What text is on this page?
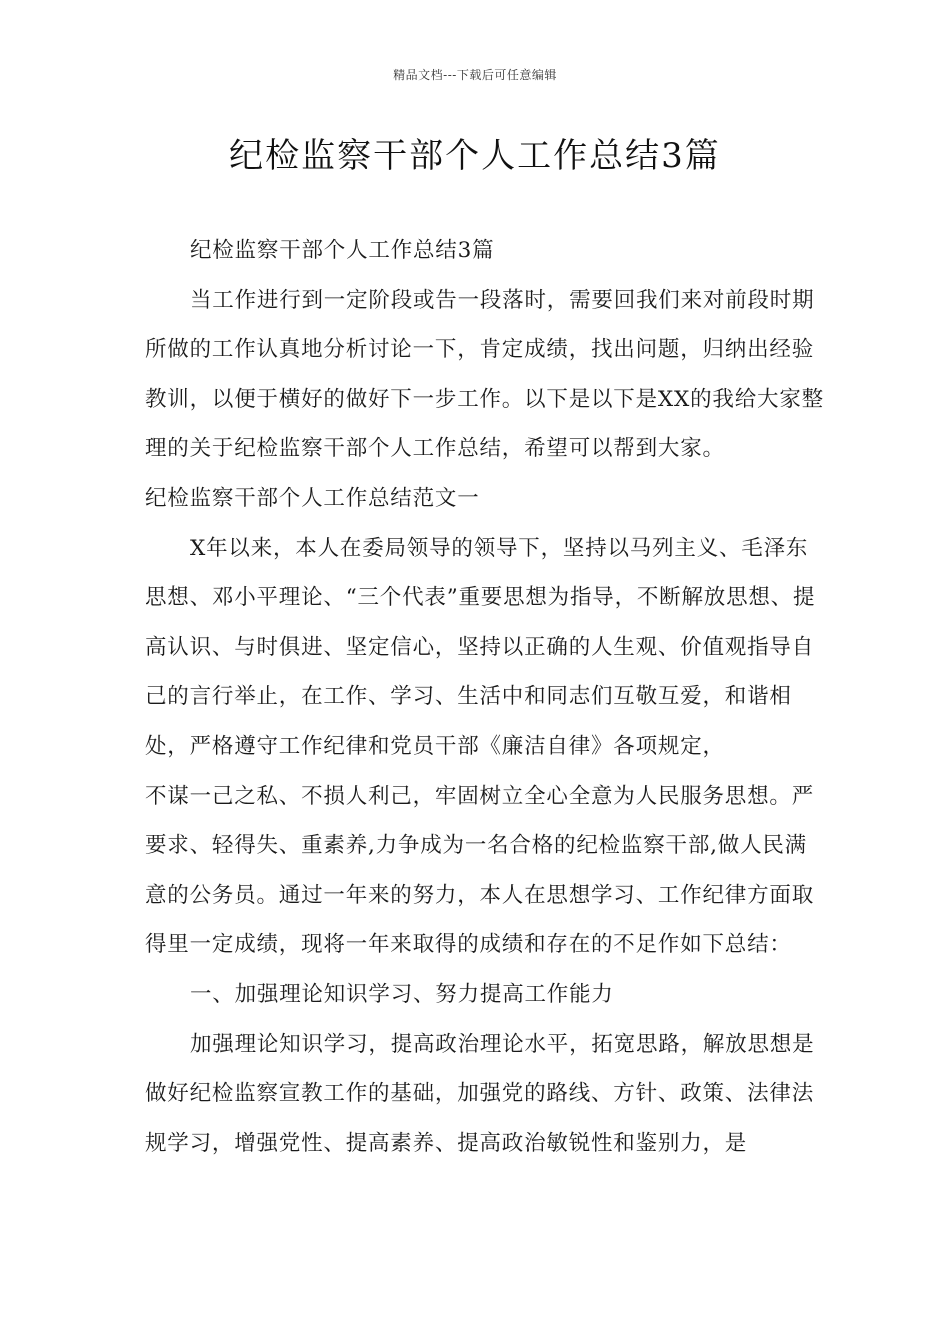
精品文档---下载后可任意编辑
纪检监察干部个人工作总结3篇

纪检监察干部个人工作总结3篇

当工作进行到一定阶段或告一段落时，需要回我们来对前段时期所做的工作认真地分析讨论一下，肯定成绩，找出问题，归纳出经验教训，以便于横好的做好下一步工作。以下是以下是XX的我给大家整理的关于纪检监察干部个人工作总结，希望可以帮到大家。

纪检监察干部个人工作总结范文一

X年以来，本人在委局领导的领导下，坚持以马列主义、毛泽东思想、邓小平理论、“三个代表”重要思想为指导，不断解放思想、提高认识、与时俱进、坚定信心，坚持以正确的人生观、价值观指导自己的言行举止，在工作、学习、生活中和同志们互敬互爱，和谐相处，严格遵守工作纪律和党员干部《廉洁自律》各项规定，

不谋一己之私、不损人利己，牢固树立全心全意为人民服务思想。严要求、轻得失、重素养,力争成为一名合格的纪检监察干部,做人民满意的公务员。通过一年来的努力，本人在思想学习、工作纪律方面取得里一定成绩，现将一年来取得的成绩和存在的不足作如下总结：

一、加强理论知识学习、努力提高工作能力

加强理论知识学习，提高政治理论水平，拓宽思路，解放思想是做好纪检监察宣教工作的基础，加强党的路线、方针、政策、法律法规学习，增强党性、提高素养、提高政治敏锐性和鉴别力，是
